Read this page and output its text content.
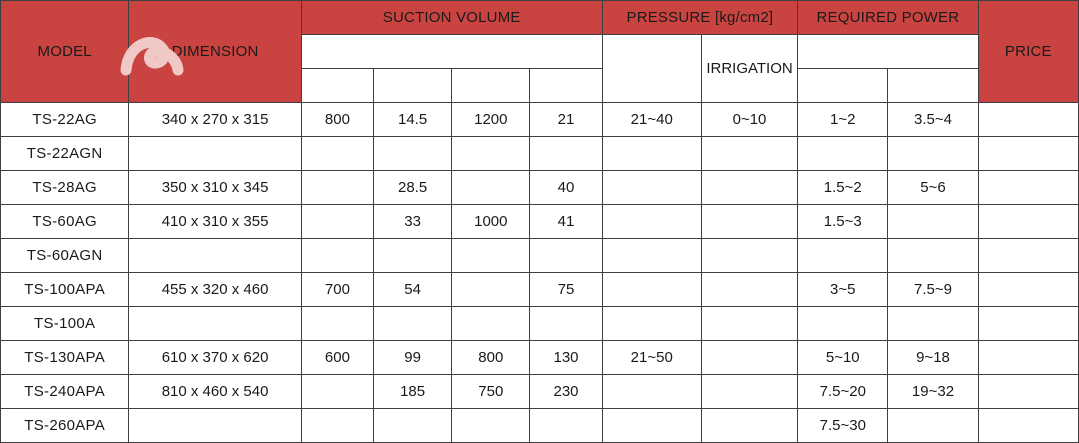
MODEL	DIMENSION	SUCTION VOLUME				PRESSURE [kg/cm2]		REQUIRED POWER		PRICE
							IRRIGATION			

TS-22AG	340 x 270 x 315	800	14.5	1200	21	21~40	0~10	1~2	3.5~4	
TS-22AGN										
TS-28AG	350 x 310 x 345		28.5		40			1.5~2	5~6	
TS-60AG	410 x 310 x 355		33	1000	41			1.5~3		
TS-60AGN										
TS-100APA	455 x 320 x 460	700	54		75			3~5	7.5~9	
TS-100A										
TS-130APA	610 x 370 x 620	600	99	800	130	21~50		5~10	9~18	
TS-240APA	810 x 460 x 540		185	750	230			7.5~20	19~32	
TS-260APA								7.5~30		
